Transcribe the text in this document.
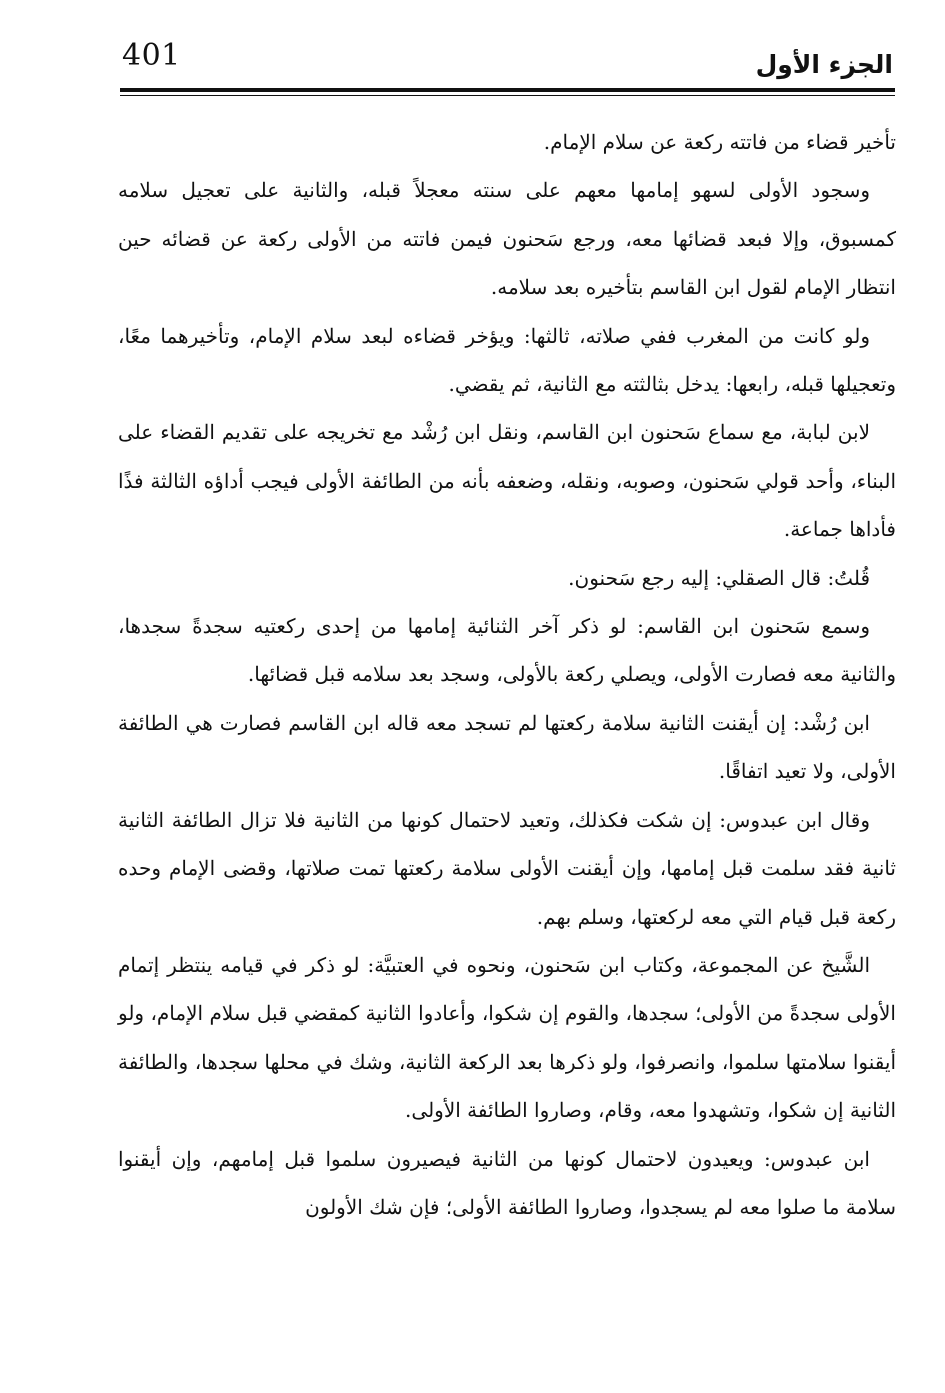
401	الجزء الأول

تأخير قضاء من فاتته ركعة عن سلام الإمام.

وسجود الأولى لسهو إمامها معهم على سنته معجلاً قبله، والثانية على تعجيل سلامه كمسبوق، وإلا فبعد قضائها معه، ورجع سَحنون فيمن فاتته من الأولى ركعة عن قضائه حين انتظار الإمام لقول ابن القاسم بتأخيره بعد سلامه.

ولو كانت من المغرب ففي صلاته، ثالثها: ويؤخر قضاءه لبعد سلام الإمام، وتأخيرهما معًا، وتعجيلها قبله، رابعها: يدخل بثالثته مع الثانية، ثم يقضي.

لابن لبابة، مع سماع سَحنون ابن القاسم، ونقل ابن رُشْد مع تخريجه على تقديم القضاء على البناء، وأحد قولي سَحنون، وصوبه، ونقله، وضعفه بأنه من الطائفة الأولى فيجب أداؤه الثالثة فذًا فأداها جماعة.

قُلتُ: قال الصقلي: إليه رجع سَحنون.

وسمع سَحنون ابن القاسم: لو ذكر آخر الثنائية إمامها من إحدى ركعتيه سجدةً سجدها، والثانية معه فصارت الأولى، ويصلي ركعة بالأولى، وسجد بعد سلامه قبل قضائها.

ابن رُشْد: إن أيقنت الثانية سلامة ركعتها لم تسجد معه قاله ابن القاسم فصارت هي الطائفة الأولى، ولا تعيد اتفاقًا.

وقال ابن عبدوس: إن شكت فكذلك، وتعيد لاحتمال كونها من الثانية فلا تزال الطائفة الثانية ثانية فقد سلمت قبل إمامها، وإن أيقنت الأولى سلامة ركعتها تمت صلاتها، وقضى الإمام وحده ركعة قبل قيام التي معه لركعتها، وسلم بهم.

الشَّيخ عن المجموعة، وكتاب ابن سَحنون، ونحوه في العتبيَّة: لو ذكر في قيامه ينتظر إتمام الأولى سجدةً من الأولى؛ سجدها، والقوم إن شكوا، وأعادوا الثانية كمقضي قبل سلام الإمام، ولو أيقنوا سلامتها سلموا، وانصرفوا، ولو ذكرها بعد الركعة الثانية، وشك في محلها سجدها، والطائفة الثانية إن شكوا، وتشهدوا معه، وقام، وصاروا الطائفة الأولى.

ابن عبدوس: ويعيدون لاحتمال كونها من الثانية فيصيرون سلموا قبل إمامهم، وإن أيقنوا سلامة ما صلوا معه لم يسجدوا، وصاروا الطائفة الأولى؛ فإن شك الأولون
